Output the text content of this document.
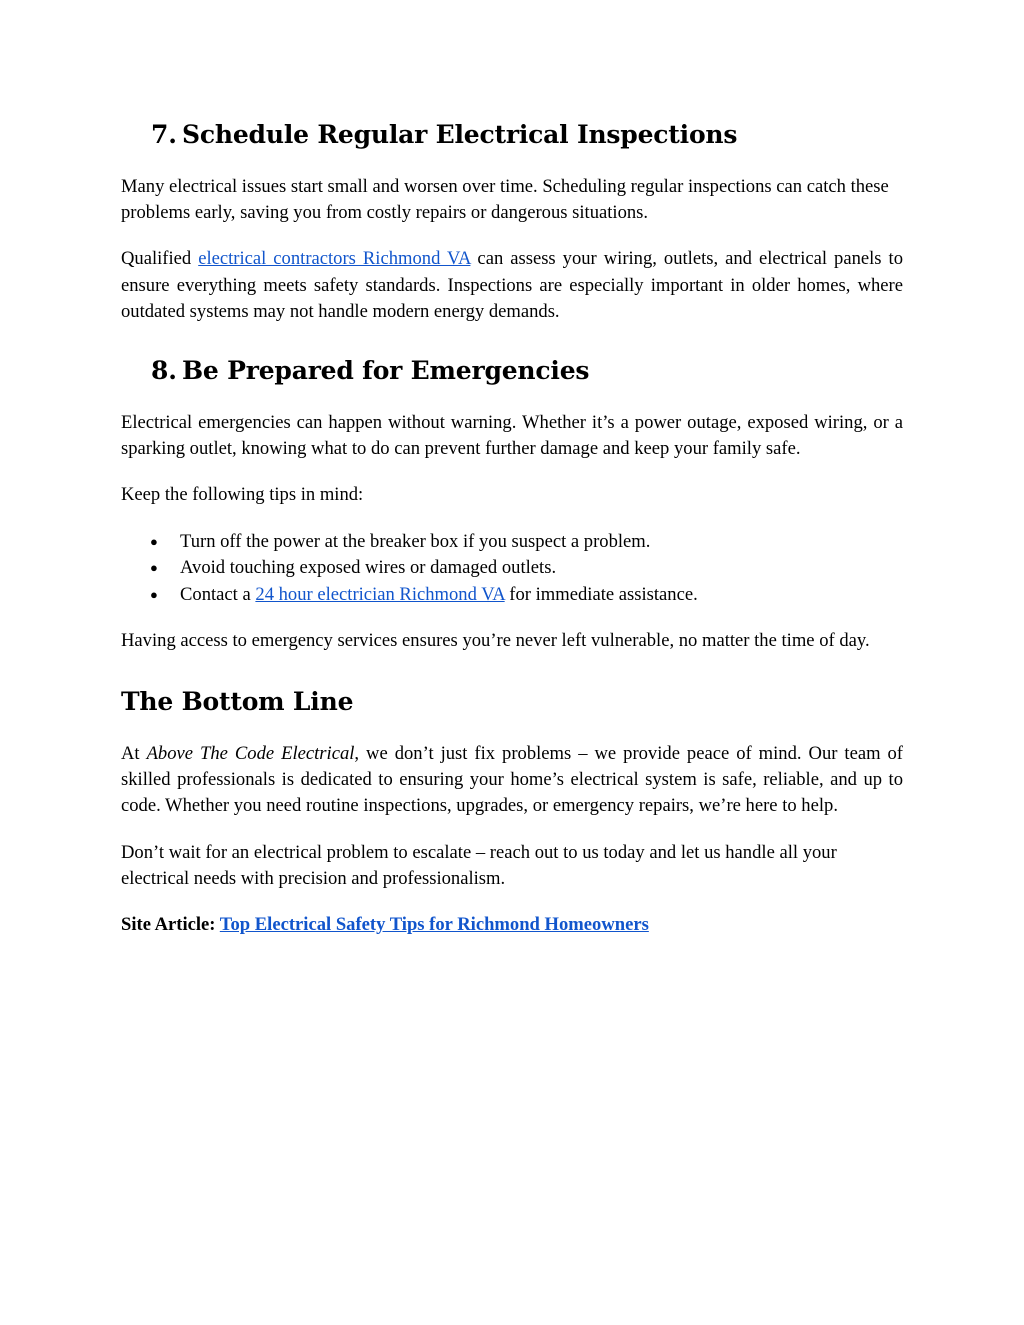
7. Schedule Regular Electrical Inspections

Many electrical issues start small and worsen over time. Scheduling regular inspections can catch these problems early, saving you from costly repairs or dangerous situations.

Qualified electrical contractors Richmond VA can assess your wiring, outlets, and electrical panels to ensure everything meets safety standards. Inspections are especially important in older homes, where outdated systems may not handle modern energy demands.

8. Be Prepared for Emergencies

Electrical emergencies can happen without warning. Whether it’s a power outage, exposed wiring, or a sparking outlet, knowing what to do can prevent further damage and keep your family safe.

Keep the following tips in mind:

●	Turn off the power at the breaker box if you suspect a problem.
●	Avoid touching exposed wires or damaged outlets.
●	Contact a 24 hour electrician Richmond VA for immediate assistance.

Having access to emergency services ensures you’re never left vulnerable, no matter the time of day.

The Bottom Line

At Above The Code Electrical, we don’t just fix problems – we provide peace of mind. Our team of skilled professionals is dedicated to ensuring your home’s electrical system is safe, reliable, and up to code. Whether you need routine inspections, upgrades, or emergency repairs, we’re here to help.

Don’t wait for an electrical problem to escalate – reach out to us today and let us handle all your electrical needs with precision and professionalism.

Site Article: Top Electrical Safety Tips for Richmond Homeowners
